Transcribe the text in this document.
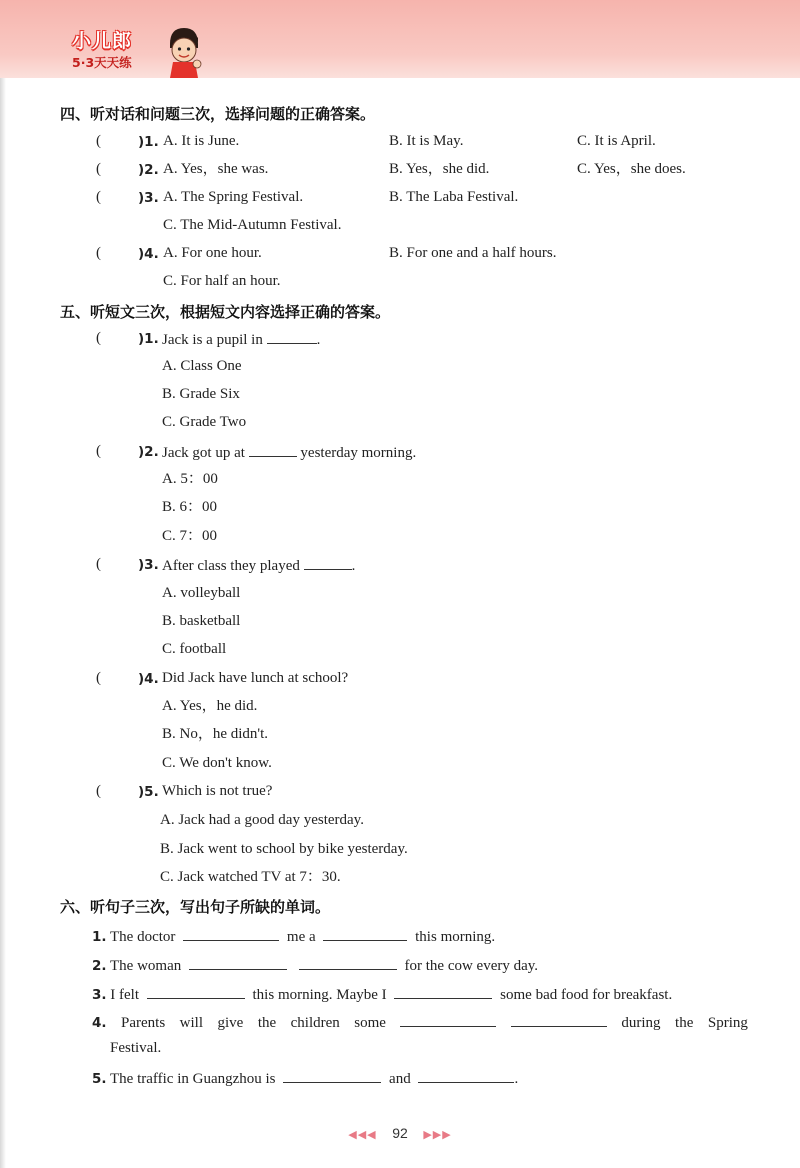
小儿郎
5·3天天练
四、听对话和问题三次，选择问题的正确答案。
(	)1. A. It is June.	B. It is May.	C. It is April.
(	)2. A. Yes，she was.	B. Yes，she did.	C. Yes，she does.
(	)3. A. The Spring Festival.	B. The Laba Festival.
C. The Mid-Autumn Festival.
(	)4. A. For one hour.	B. For one and a half hours.
C. For half an hour.
五、听短文三次，根据短文内容选择正确的答案。
(	)1. Jack is a pupil in	.
A. Class One
B. Grade Six
C. Grade Two
(	)2. Jack got up at	yesterday morning.
A. 5：00
B. 6：00
C. 7：00
(	)3. After class they played	.
A. volleyball
B. basketball
C. football
(	)4. Did Jack have lunch at school?
A. Yes，he did.
B. No，he didn't.
C. We don't know.
(	)5. Which is not true?
A. Jack had a good day yesterday.
B. Jack went to school by bike yesterday.
C. Jack watched TV at 7：30.
六、听句子三次，写出句子所缺的单词。
1. The doctor	me a	this morning.
2. The woman	for the cow every day.
3. I felt	this morning. Maybe I	some bad food for breakfast.
4. Parents will give the children some	during the Spring
Festival.
5. The traffic in Guangzhou is	and	.
◀◀◀ 92 ▶▶▶
